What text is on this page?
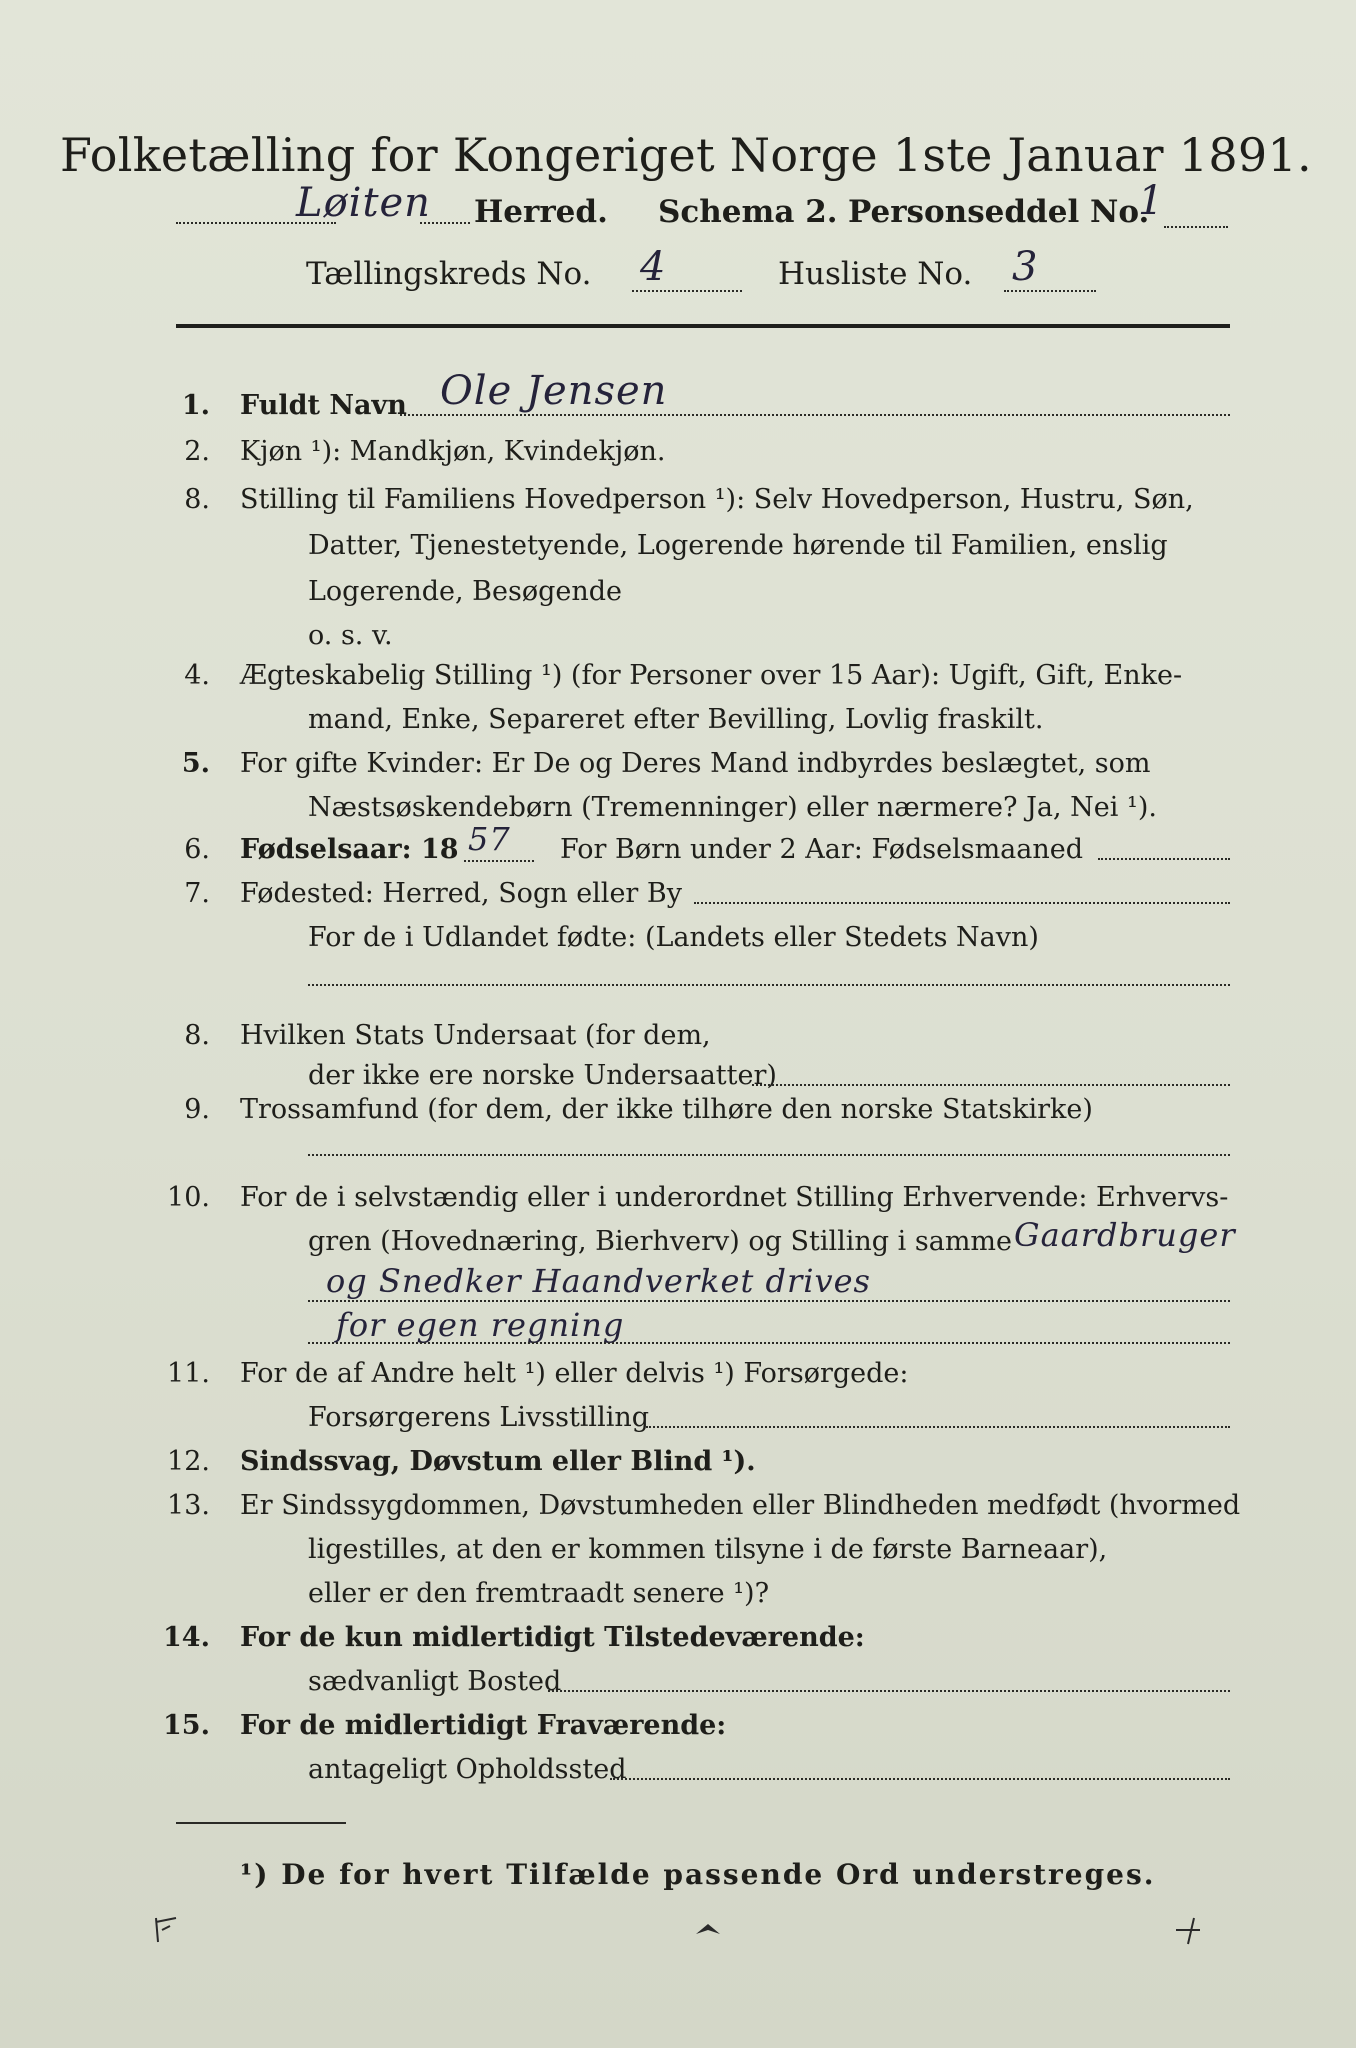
Folketælling for Kongeriget Norge 1ste Januar 1891.
Løiten Herred. Schema 2. Personseddel No.
1
Tællingskreds No. 4	Husliste No. 3
1. Fuldt Navn Ole Jensen
2. Kjøn ¹): Mandkjøn, Kvindekjøn.
8. Stilling til Familiens Hovedperson ¹): Selv Hovedperson, Hustru, Søn,
Datter, Tjenestetyende, Logerende hørende til Familien, enslig
Logerende, Besøgende
o. s. v.
4. Ægteskabelig Stilling ¹) (for Personer over 15 Aar): Ugift, Gift, Enke-
mand, Enke, Separeret efter Bevilling, Lovlig fraskilt.
5. For gifte Kvinder: Er De og Deres Mand indbyrdes beslægtet, som
Næstsøskendebørn (Tremenninger) eller nærmere? Ja, Nei ¹).
6. Fødselsaar: 18 57 For Børn under 2 Aar: Fødselsmaaned
7. Fødested: Herred, Sogn eller By
For de i Udlandet fødte: (Landets eller Stedets Navn)
8. Hvilken Stats Undersaat (for dem,
der ikke ere norske Undersaatter)
9. Trossamfund (for dem, der ikke tilhøre den norske Statskirke)
10. For de i selvstændig eller i underordnet Stilling Erhvervende: Erhvervs-
gren (Hovednæring, Bierhverv) og Stilling i samme Gaardbruger
og Snedker Haandverket drives
for egen regning
11. For de af Andre helt ¹) eller delvis ¹) Forsørgede:
Forsørgerens Livsstilling
12. Sindssvag, Døvstum eller Blind ¹).
13. Er Sindssygdommen, Døvstumheden eller Blindheden medfødt (hvormed
ligestilles, at den er kommen tilsyne i de første Barneaar),
eller er den fremtraadt senere ¹)?
14. For de kun midlertidigt Tilstedeværende:
sædvanligt Bosted
15. For de midlertidigt Fraværende:
antageligt Opholdssted
¹) De for hvert Tilfælde passende Ord understreges.
